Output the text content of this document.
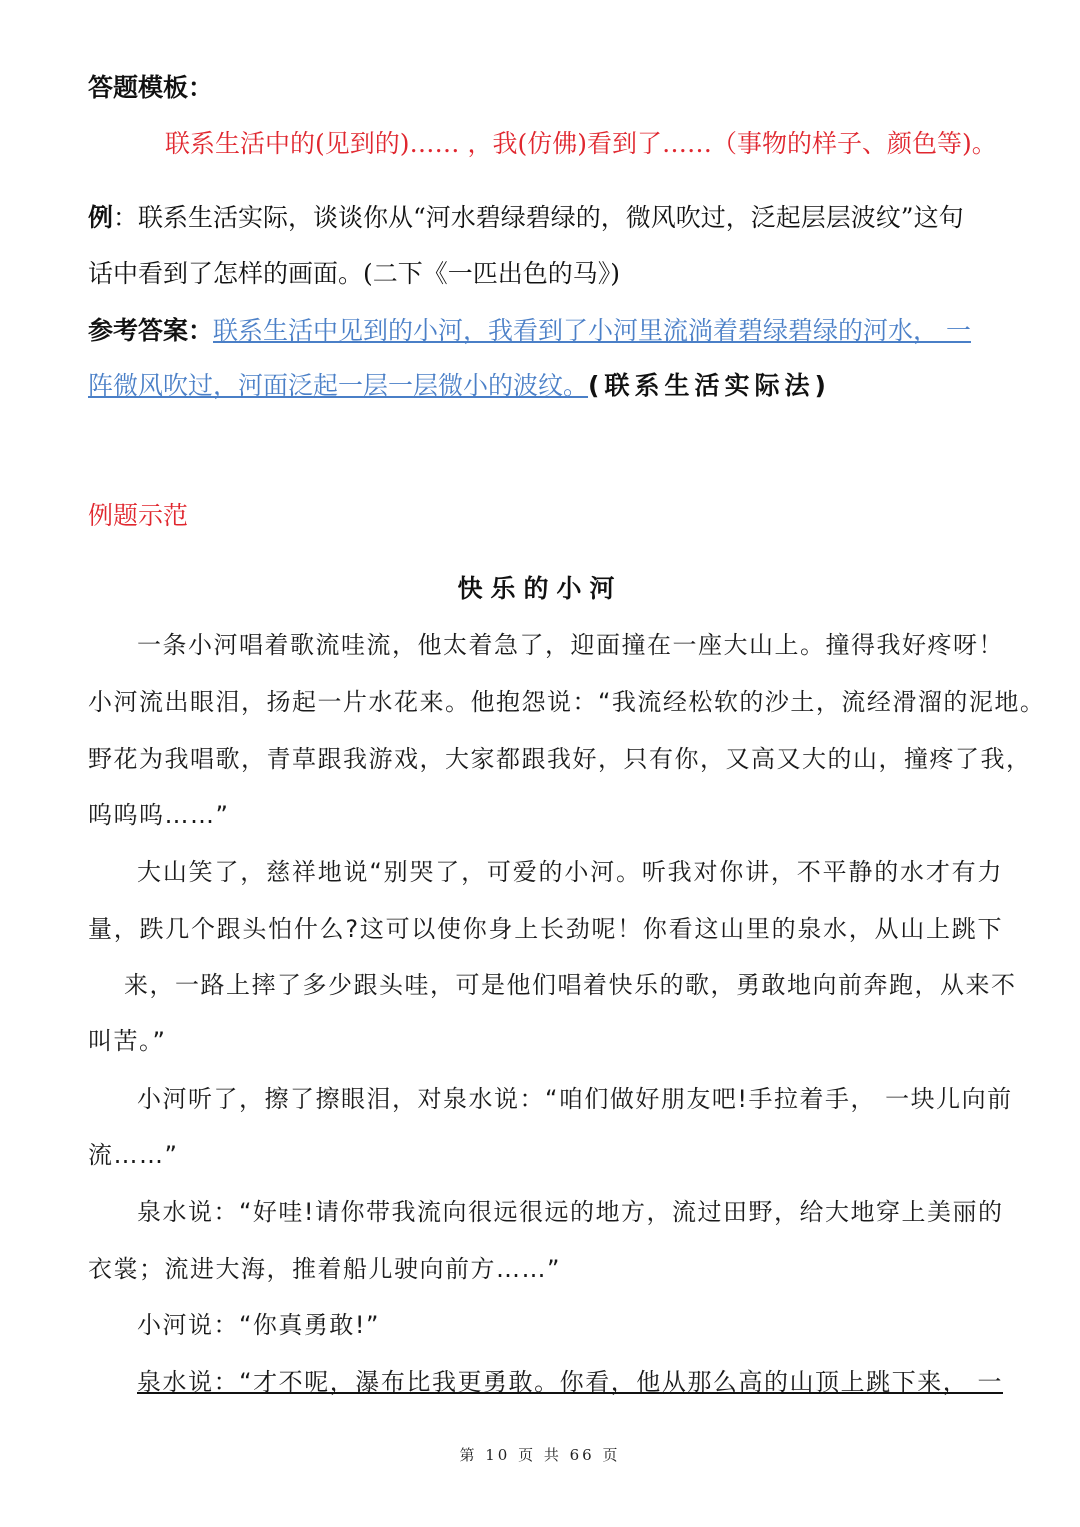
答题模板：
联系生活中的(见到的)…… ，我(仿佛)看到了……（事物的样子、颜色等)。
例：联系生活实际，谈谈你从“河水碧绿碧绿的，微风吹过，泛起层层波纹”这句
话中看到了怎样的画面。(二下《一匹出色的马》)
参考答案：联系生活中见到的小河，我看到了小河里流淌着碧绿碧绿的河水， 一
阵微风吹过，河面泛起一层一层微小的波纹。(联系生活实际法)
例题示范
快乐的小河
一条小河唱着歌流哇流，他太着急了，迎面撞在一座大山上。撞得我好疼呀！
小河流出眼泪，扬起一片水花来。他抱怨说：“我流经松软的沙土，流经滑溜的泥地。
野花为我唱歌，青草跟我游戏，大家都跟我好，只有你，又高又大的山，撞疼了我，
呜呜呜……”
大山笑了，慈祥地说“别哭了，可爱的小河。听我对你讲，不平静的水才有力
量，跌几个跟头怕什么?这可以使你身上长劲呢！你看这山里的泉水，从山上跳下
来，一路上摔了多少跟头哇，可是他们唱着快乐的歌，勇敢地向前奔跑，从来不
叫苦。”
小河听了，擦了擦眼泪，对泉水说：“咱们做好朋友吧!手拉着手， 一块儿向前
流……”
泉水说：“好哇!请你带我流向很远很远的地方，流过田野，给大地穿上美丽的
衣裳；流进大海，推着船儿驶向前方……”
小河说：“你真勇敢!”
泉水说：“才不呢，瀑布比我更勇敢。你看，他从那么高的山顶上跳下来， 一
第 10 页 共 66 页
